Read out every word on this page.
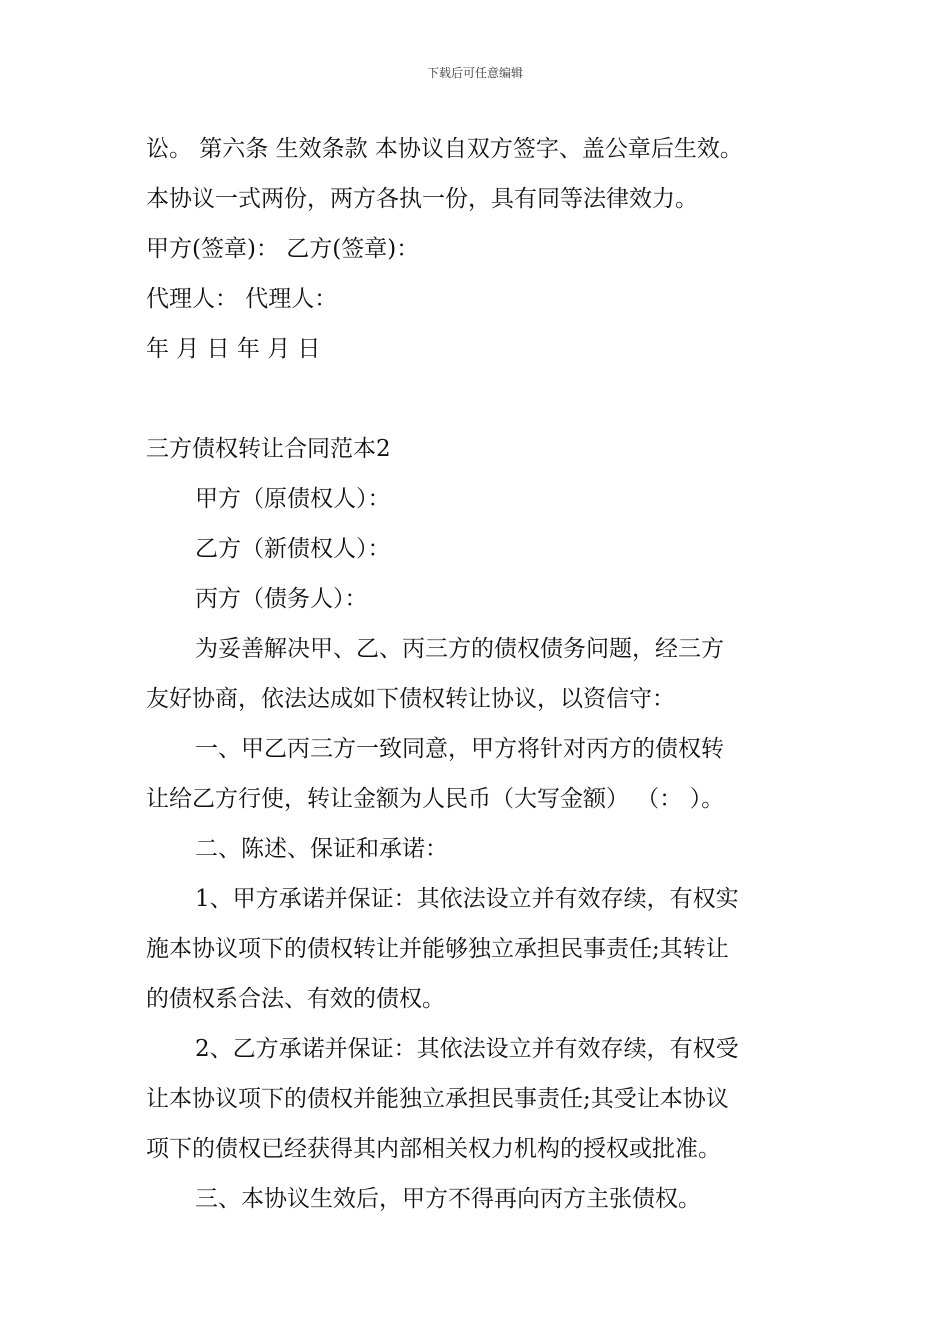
下载后可任意编辑
讼。 第六条 生效条款 本协议自双方签字、盖公章后生效。
本协议一式两份，两方各执一份，具有同等法律效力。
甲方(签章)： 乙方(签章)：
代理人： 代理人：
年 月 日 年 月 日
三方债权转让合同范本2
甲方（原债权人）：
乙方（新债权人）：
丙方（债务人）：
为妥善解决甲、乙、丙三方的债权债务问题，经三方
友好协商，依法达成如下债权转让协议，以资信守：
一、甲乙丙三方一致同意，甲方将针对丙方的债权转
让给乙方行使，转让金额为人民币（大写金额） （： ）。
二、陈述、保证和承诺：
1、甲方承诺并保证：其依法设立并有效存续，有权实
施本协议项下的债权转让并能够独立承担民事责任;其转让
的债权系合法、有效的债权。
2、乙方承诺并保证：其依法设立并有效存续，有权受
让本协议项下的债权并能独立承担民事责任;其受让本协议
项下的债权已经获得其内部相关权力机构的授权或批准。
三、本协议生效后，甲方不得再向丙方主张债权。
